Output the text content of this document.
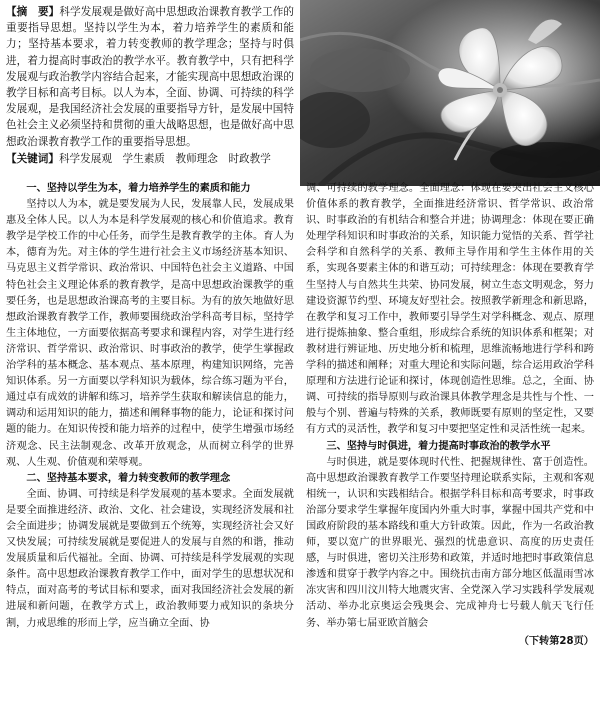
【摘　要】科学发展观是做好高中思想政治课教育教学工作的重要指导思想。坚持以学生为本，着力培养学生的素质和能力；坚持基本要求，着力转变教师的教学理念；坚持与时俱进，着力提高时事政治的教学水平。教育教学中，只有把科学发展观与政治教学内容结合起来，才能实现高中思想政治课的教学目标和高考目标。以人为本，全面、协调、可持续的科学发展观，是我国经济社会发展的重要指导方针，是发展中国特色社会主义必须坚持和贯彻的重大战略思想，也是做好高中思想政治课教育教学工作的重要指导思想。

【关键词】科学发展观　学生素质　教师理念　时政教学

一、坚持以学生为本，着力培养学生的素质和能力

坚持以人为本，就是要发展为人民，发展靠人民，发展成果惠及全体人民。以人为本是科学发展观的核心和价值追求。教育教学是学校工作的中心任务，而学生是教育教学的主体。育人为本，德育为先。对主体的学生进行社会主义市场经济基本知识、马克思主义哲学常识、政治常识、中国特色社会主义道路、中国特色社会主义理论体系的教育教学，是高中思想政治课教学的重要任务，也是思想政治课高考的主要目标。为有的放矢地做好思想政治课教育教学工作，教师要围绕政治学科高考目标，坚持学生主体地位，一方面要依据高考要求和课程内容，对学生进行经济常识、哲学常识、政治常识、时事政治的教学，使学生掌握政治学科的基本概念、基本观点、基本原理，构建知识网络，完善知识体系。另一方面要以学科知识为载体，综合练习题为平台，通过卓有成效的讲解和练习，培养学生获取和解读信息的能力，调动和运用知识的能力，描述和阐释事物的能力，论证和探讨问题的能力。在知识传授和能力培养的过程中，使学生增强市场经济观念、民主法制观念、改革开放观念，从而树立科学的世界观、人生观、价值观和荣辱观。

二、坚持基本要求，着力转变教师的教学理念

全面、协调、可持续是科学发展观的基本要求。全面发展就是要全面推进经济、政治、文化、社会建设，实现经济发展和社会全面进步；协调发展就是要做到五个统筹，实现经济社会又好又快发展；可持续发展就是要促进人的发展与自然的和谐，推动发展质量和后代福祉。全面、协调、可持续是科学发展观的实现条件。高中思想政治课教育教学工作中，面对学生的思想状况和特点，面对高考的考试目标和要求，面对我国经济社会发展的新进展和新问题，在教学方式上，政治教师要力戒知识的条块分割，力戒思维的形而上学，应当确立全面、协

调、可持续的教学理念。全面理念：体现在要突出社会主义核心价值体系的教育教学，全面推进经济常识、哲学常识、政治常识、时事政治的有机结合和整合并进；协调理念：体现在要正确处理学科知识和时事政治的关系，知识能力觉悟的关系、哲学社会科学和自然科学的关系、教师主导作用和学生主体作用的关系，实现各要素主体的和谐互动；可持续理念：体现在要教育学生坚持人与自然共生共荣、协同发展，树立生态文明观念，努力建设资源节约型、环境友好型社会。按照教学新理念和新思路，在教学和复习工作中，教师要引导学生对学科概念、观点、原理进行提炼抽象、整合重组，形成综合系统的知识体系和框架；对教材进行辨证地、历史地分析和梳理，思维流畅地进行学科和跨学科的描述和阐释；对重大理论和实际问题，综合运用政治学科原理和方法进行论证和探讨，体现创造性思维。总之，全面、协调、可持续的指导原则与政治课具体教学理念是共性与个性、一般与个别、普遍与特殊的关系，教师既要有原则的坚定性，又要有方式的灵活性，教学和复习中要把坚定性和灵活性统一起来。

三、坚持与时俱进，着力提高时事政治的教学水平

与时俱进，就是要体现时代性、把握规律性、富于创造性。高中思想政治课教育教学工作要坚持理论联系实际，主观和客观相统一，认识和实践相结合。根据学科目标和高考要求，时事政治部分要求学生掌握年度国内外重大时事，掌握中国共产党和中国政府阶段的基本路线和重大方针政策。因此，作为一名政治教师，要以宽广的世界眼光、强烈的忧患意识、高度的历史责任感，与时俱进，密切关注形势和政策，并适时地把时事政策信息渗透和贯穿于教学内容之中。围绕抗击南方部分地区低温雨雪冰冻灾害和四川汶川特大地震灾害、全党深入学习实践科学发展观活动、举办北京奥运会残奥会、完成神舟七号载人航天飞行任务、举办第七届亚欧首脑会

（下转第28页）
